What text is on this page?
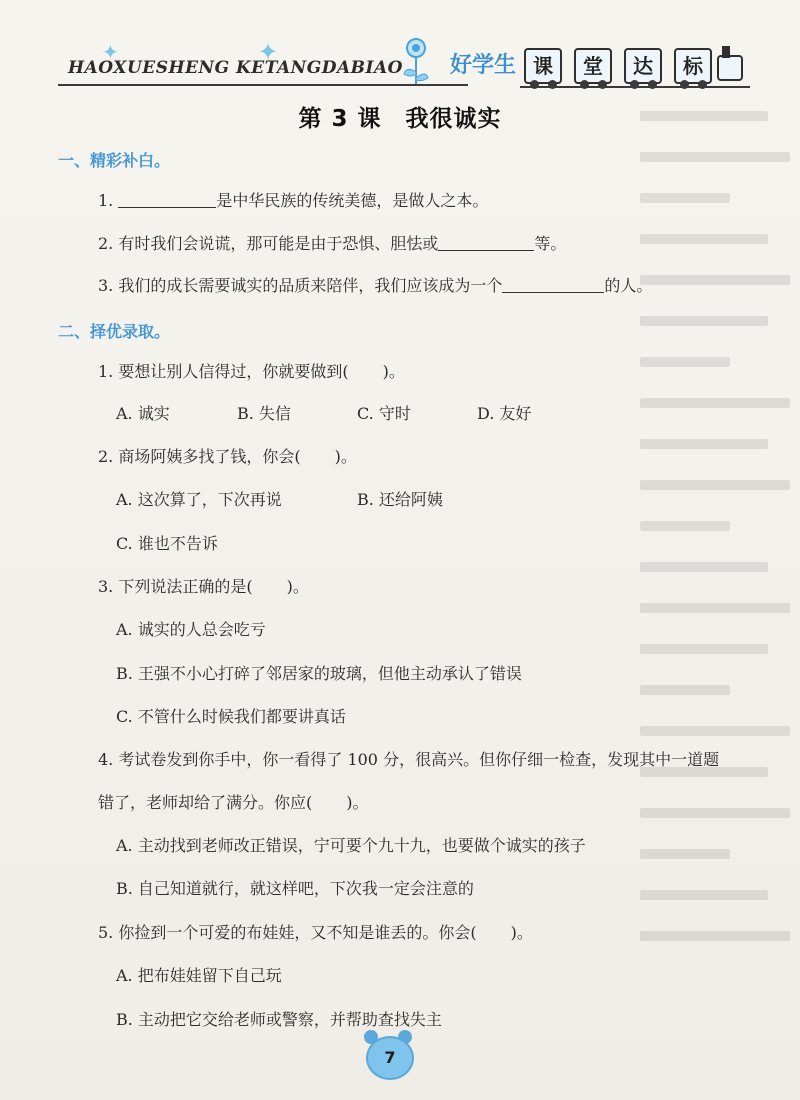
✦	✦
HAOXUESHENG KETANGDABIAO 好学生 课	堂	达	标
第 3 课　我很诚实
一、精彩补白。
1.	是中华民族的传统美德，是做人之本。
2. 有时我们会说谎，那可能是由于恐惧、胆怯或	等。
3. 我们的成长需要诚实的品质来陪伴，我们应该成为一个	的人。
二、择优录取。
1. 要想让别人信得过，你就要做到( )。
A. 诚实	B. 失信	C. 守时	D. 友好
2. 商场阿姨多找了钱，你会( )。
A. 这次算了，下次再说	B. 还给阿姨
C. 谁也不告诉
3. 下列说法正确的是( )。
A. 诚实的人总会吃亏
B. 王强不小心打碎了邻居家的玻璃，但他主动承认了错误
C. 不管什么时候我们都要讲真话
4. 考试卷发到你手中，你一看得了 100 分，很高兴。但你仔细一检查，发现其中一道题
错了，老师却给了满分。你应( )。
A. 主动找到老师改正错误，宁可要个九十九，也要做个诚实的孩子
B. 自己知道就行，就这样吧，下次我一定会注意的
5. 你捡到一个可爱的布娃娃，又不知是谁丢的。你会( )。
A. 把布娃娃留下自己玩
B. 主动把它交给老师或警察，并帮助查找失主
7
